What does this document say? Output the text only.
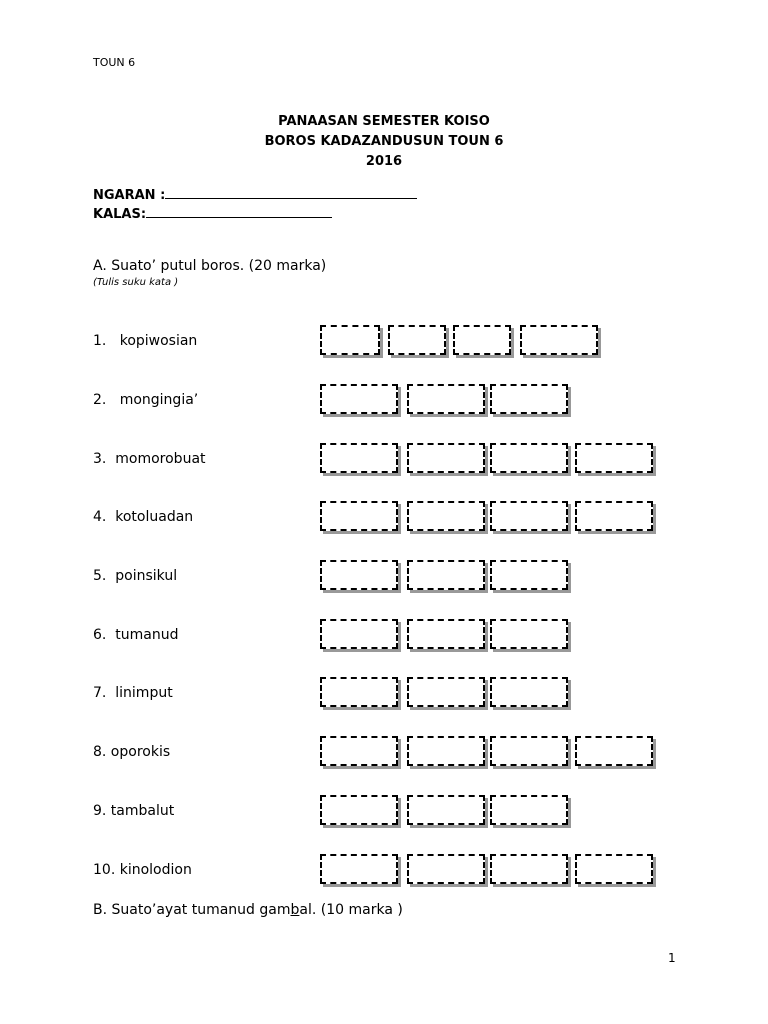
TOUN 6
PANAASAN SEMESTER KOISO
BOROS KADAZANDUSUN TOUN 6
2016
NGARAN :
KALAS:
A. Suato’ putul boros. (20 marka)
(Tulis suku kata )
1.   kopiwosian
2.   mongingia’
3.  momorobuat
4.  kotoluadan
5.  poinsikul
6.  tumanud
7.  linimput
8. oporokis
9. tambalut
10. kinolodion
B. Suato’ayat tumanud gambal. (10 marka )
1
